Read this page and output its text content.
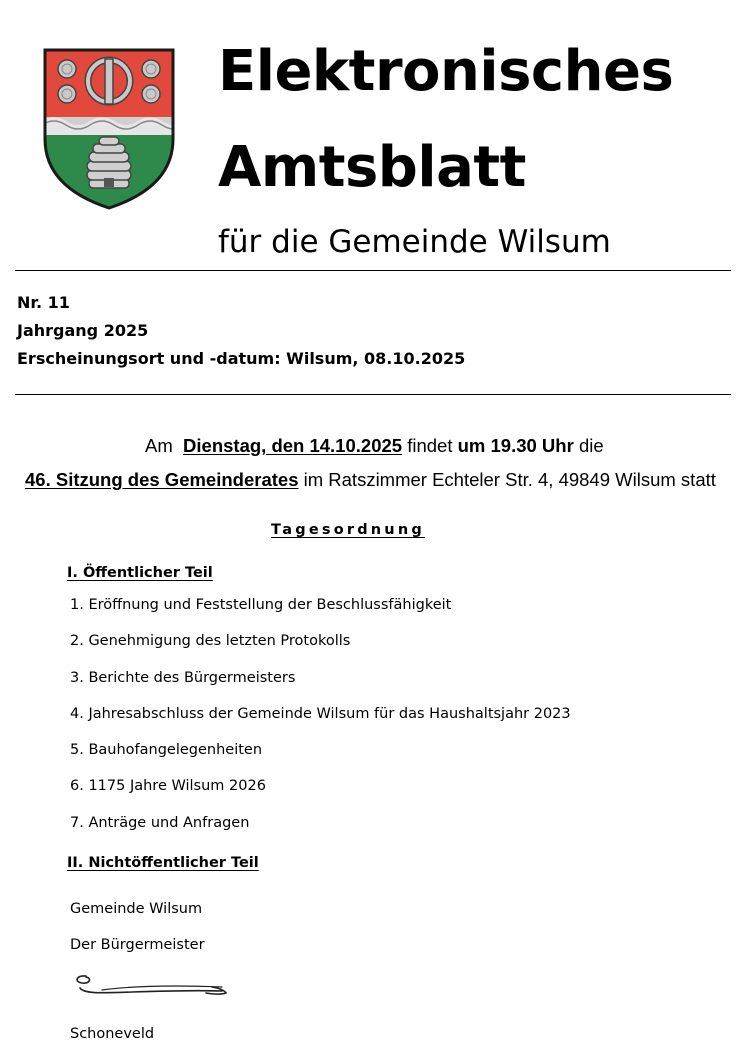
Elektronisches
Amtsblatt
für die Gemeinde Wilsum
Nr. 11
Jahrgang 2025
Erscheinungsort und -datum: Wilsum, 08.10.2025
Am Dienstag, den 14.10.2025 findet um 19.30 Uhr die
46. Sitzung des Gemeinderates im Ratszimmer Echteler Str. 4, 49849 Wilsum statt
Tagesordnung
I. Öffentlicher Teil
1. Eröffnung und Feststellung der Beschlussfähigkeit
2. Genehmigung des letzten Protokolls
3. Berichte des Bürgermeisters
4. Jahresabschluss der Gemeinde Wilsum für das Haushaltsjahr 2023
5. Bauhofangelegenheiten
6. 1175 Jahre Wilsum 2026
7. Anträge und Anfragen
II. Nichtöffentlicher Teil
Gemeinde Wilsum
Der Bürgermeister
Schoneveld
